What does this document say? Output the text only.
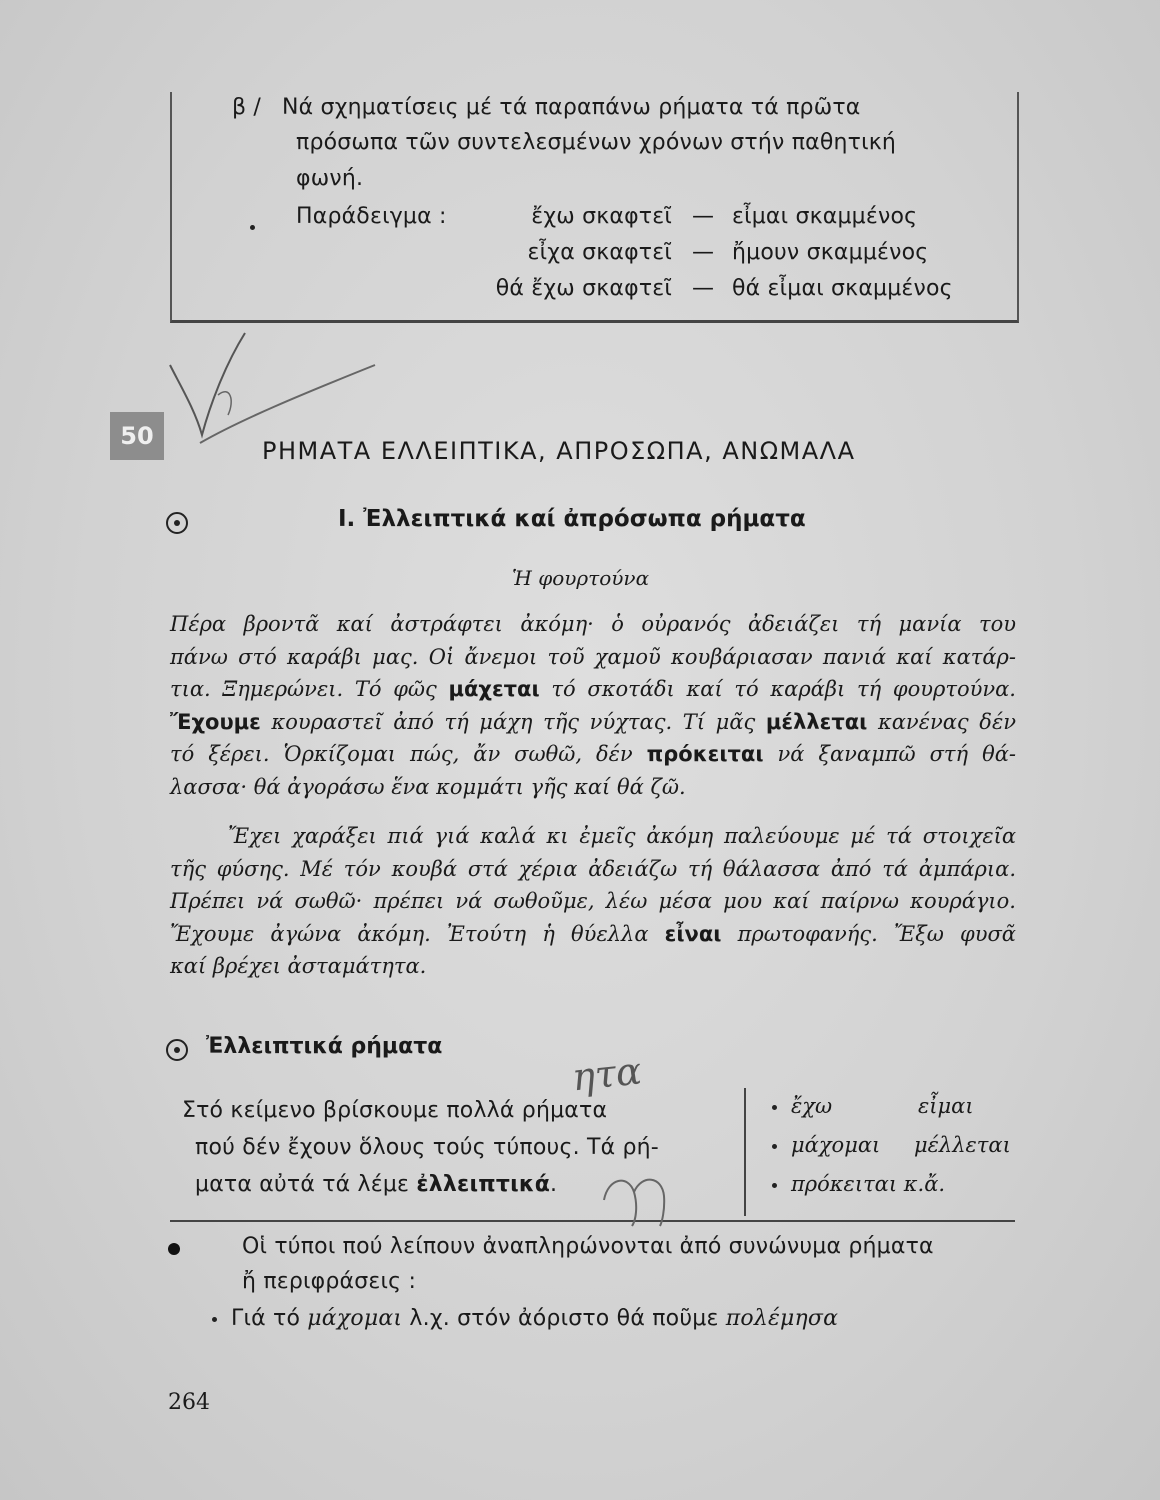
β / Νά σχηματίσεις μέ τά παραπάνω ρήματα τά πρῶτα
πρόσωπα τῶν συντελεσμένων χρόνων στήν παθητική
φωνή.
Παράδειγμα :	ἔχω σκαφτεῖ — εἶμαι σκαμμένος
εἶχα σκαφτεῖ — ἤμουν σκαμμένος
θά ἔχω σκαφτεῖ — θά εἶμαι σκαμμένος
50
ΡΗΜΑΤΑ ΕΛΛΕΙΠΤΙΚΑ, ΑΠΡΟΣΩΠΑ, ΑΝΩΜΑΛΑ
Ι. Ἐλλειπτικά καί ἀπρόσωπα ρήματα
Ἡ φουρτούνα
Πέρα βροντᾶ καί ἀστράφτει ἀκόμη· ὁ οὐρανός ἀδειάζει τή μανία του
πάνω στό καράβι μας. Οἱ ἄνεμοι τοῦ χαμοῦ κουβάριασαν πανιά καί κατάρ-
τια. Ξημερώνει. Τό φῶς μάχεται τό σκοτάδι καί τό καράβι τή φουρτούνα.
Ἔχουμε κουραστεῖ ἀπό τή μάχη τῆς νύχτας. Τί μᾶς μέλλεται κανένας δέν
τό ξέρει. Ὁρκίζομαι πώς, ἄν σωθῶ, δέν πρόκειται νά ξαναμπῶ στή θά-
λασσα· θά ἀγοράσω ἕνα κομμάτι γῆς καί θά ζῶ.
Ἔχει χαράξει πιά γιά καλά κι ἐμεῖς ἀκόμη παλεύουμε μέ τά στοιχεῖα
τῆς φύσης. Μέ τόν κουβά στά χέρια ἀδειάζω τή θάλασσα ἀπό τά ἀμπάρια.
Πρέπει νά σωθῶ· πρέπει νά σωθοῦμε, λέω μέσα μου καί παίρνω κουράγιο.
Ἔχουμε ἀγώνα ἀκόμη. Ἐτούτη ἡ θύελλα εἶναι πρωτοφανής. Ἔξω φυσᾶ
καί βρέχει ἀσταμάτητα.
Ἐλλειπτικά ρήματα
Στό κείμενο βρίσκουμε πολλά ρήματα
πού δέν ἔχουν ὅλους τούς τύπους. Τά ρή-
ματα αὐτά τά λέμε ἐλλειπτικά.
ἔχω	εἶμαι
μάχομαι μέλλεται
πρόκειται κ.ἄ.
ητα
Οἱ τύποι πού λείπουν ἀναπληρώνονται ἀπό συνώνυμα ρήματα
ἤ περιφράσεις :
Γιά τό μάχομαι λ.χ. στόν ἀόριστο θά ποῦμε πολέμησα
264
